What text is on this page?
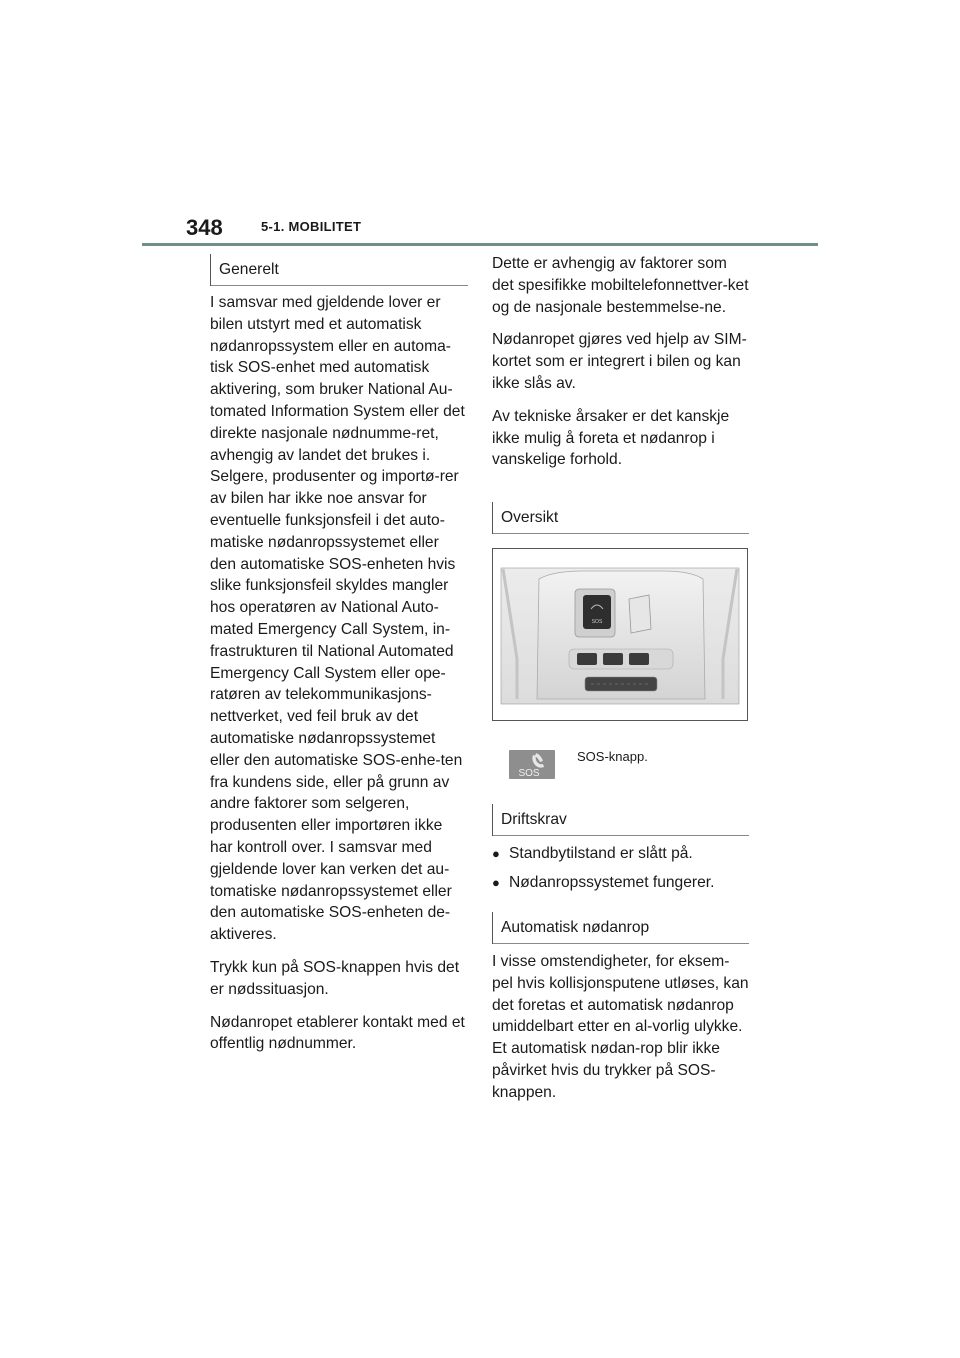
348	5-1. MOBILITET
Generelt

I samsvar med gjeldende lover er bilen utstyrt med et automatisk nødanropssystem eller en automa-tisk SOS-enhet med automatisk aktivering, som bruker National Au-tomated Information System eller det direkte nasjonale nødnumme-ret, avhengig av landet det brukes i. Selgere, produsenter og importø-rer av bilen har ikke noe ansvar for eventuelle funksjonsfeil i det auto-matiske nødanropssystemet eller den automatiske SOS-enheten hvis slike funksjonsfeil skyldes mangler hos operatøren av National Auto-mated Emergency Call System, in-frastrukturen til National Automated Emergency Call System eller ope-ratøren av telekommunikasjons-nettverket, ved feil bruk av det automatiske nødanropssystemet eller den automatiske SOS-enhe-ten fra kundens side, eller på grunn av andre faktorer som selgeren, produsenten eller importøren ikke har kontroll over. I samsvar med gjeldende lover kan verken det au-tomatiske nødanropssystemet eller den automatiske SOS-enheten de-aktiveres.

Trykk kun på SOS-knappen hvis det er nødssituasjon.

Nødanropet etablerer kontakt med et offentlig nødnummer.

Dette er avhengig av faktorer som det spesifikke mobiltelefonnettver-ket og de nasjonale bestemmelse-ne.

Nødanropet gjøres ved hjelp av SIM-kortet som er integrert i bilen og kan ikke slås av.

Av tekniske årsaker er det kanskje ikke mulig å foreta et nødanrop i vanskelige forhold.

Oversikt
SOS
SOS
SOS-knapp.
Driftskrav
● Standbytilstand er slått på.
● Nødanropssystemet fungerer.
Automatisk nødanrop

I visse omstendigheter, for eksem-pel hvis kollisjonsputene utløses, kan det foretas et automatisk nødanrop umiddelbart etter en al-vorlig ulykke. Et automatisk nødan-rop blir ikke påvirket hvis du trykker på SOS-knappen.
